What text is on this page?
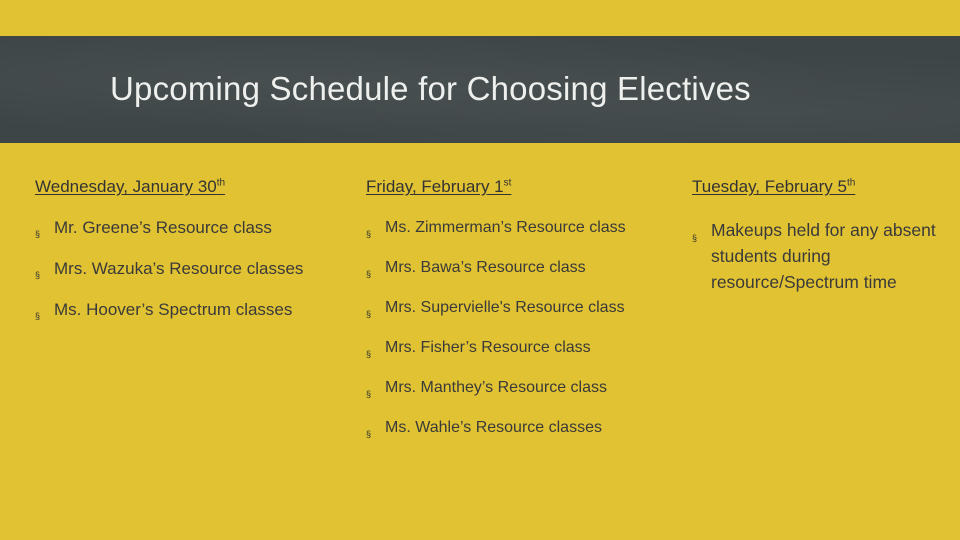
Upcoming Schedule for Choosing Electives
Wednesday, January 30th
§ Mr. Greene’s Resource class
§ Mrs. Wazuka’s Resource classes
§ Ms. Hoover’s Spectrum classes
Friday, February 1st
§ Ms. Zimmerman’s Resource class
§ Mrs. Bawa’s Resource class
§ Mrs. Supervielle's Resource class
§ Mrs. Fisher’s Resource class
§ Mrs. Manthey’s Resource class
§ Ms. Wahle’s Resource classes
Tuesday, February 5th
§ Makeups held for any absent students during resource/Spectrum time
